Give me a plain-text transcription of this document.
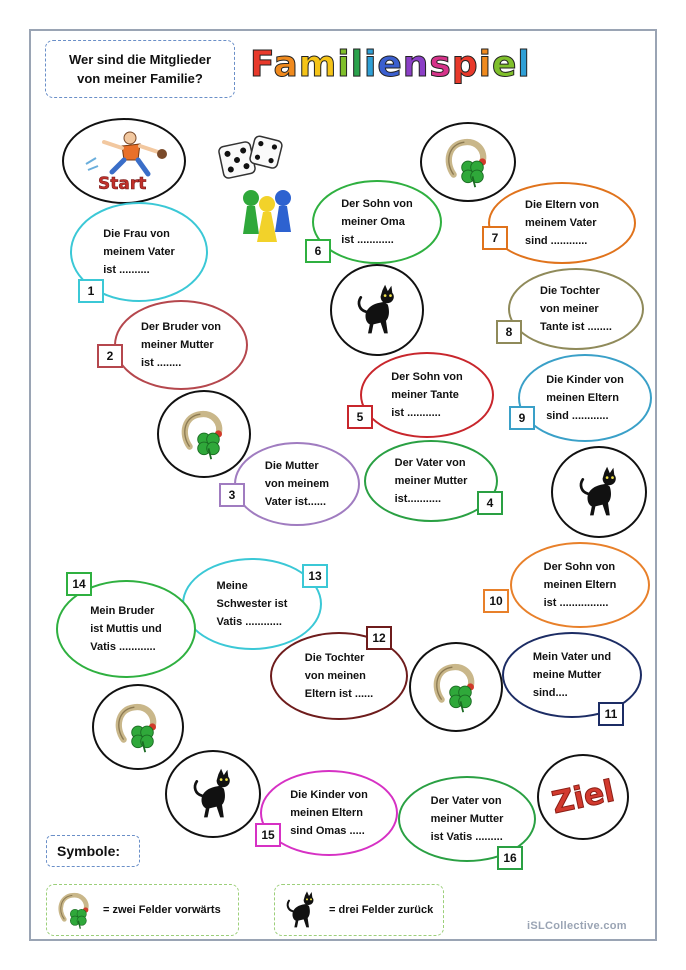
Wer sind die Mitglieder von meiner Familie?	Familienspiel
Start
Die Frau von
meinem Vater
ist ..........
1
Der Bruder von
meiner Mutter
ist ........
2
Die Mutter
von meinem
Vater ist......
3
Der Vater von
meiner Mutter
ist...........	4
Der Sohn von
meiner Tante
ist ...........
5
Der Sohn von
meiner Oma
ist ............
6
Die Eltern von
meinem Vater
sind ............
7
Die Tochter
von meiner
Tante ist ........
8
Die Kinder von
meinen Eltern
sind ............
9
Der Sohn von
meinen Eltern
ist ................
10
Mein Vater und
meine Mutter
sind....
11
Die Tochter
von meinen
Eltern ist ......
12
Meine
Schwester ist
Vatis ............
13
Mein Bruder
ist Muttis und
Vatis ............
14
Die Kinder von
meinen Eltern
sind Omas .....
15
Der Vater von
meiner Mutter
ist Vatis .........
16
Ziel
Symbole:
= zwei Felder vorwärts	= drei Felder zurück
iSLCollective.com
